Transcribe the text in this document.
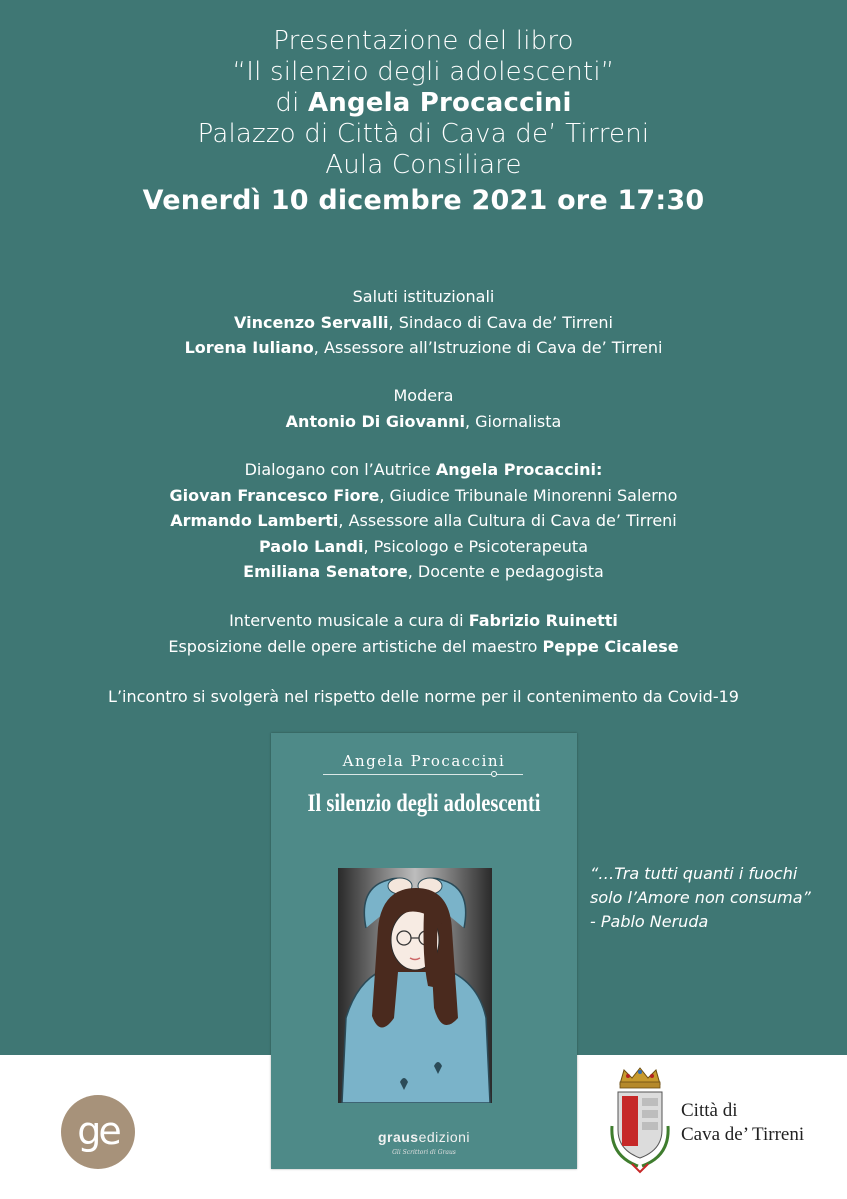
Presentazione del libro
“Il silenzio degli adolescenti”
di Angela Procaccini
Palazzo di Città di Cava de’ Tirreni
Aula Consiliare
Venerdì 10 dicembre 2021 ore 17:30
Saluti istituzionali
Vincenzo Servalli, Sindaco di Cava de’ Tirreni
Lorena Iuliano, Assessore all’Istruzione di Cava de’ Tirreni
Modera
Antonio Di Giovanni, Giornalista
Dialogano con l’Autrice Angela Procaccini:
Giovan Francesco Fiore, Giudice Tribunale Minorenni Salerno
Armando Lamberti, Assessore alla Cultura di Cava de’ Tirreni
Paolo Landi, Psicologo e Psicoterapeuta
Emiliana Senatore, Docente e pedagogista
Intervento musicale a cura di Fabrizio Ruinetti
Esposizione delle opere artistiche del maestro Peppe Cicalese
L’incontro si svolgerà nel rispetto delle norme per il contenimento da Covid-19
Angela Procaccini
Il silenzio degli adolescenti
grausedizioni
Gli Scrittori di Graus
“…Tra tutti quanti i fuochi
solo l’Amore non consuma”
- Pablo Neruda
ge	Città di
Cava de’ Tirreni
